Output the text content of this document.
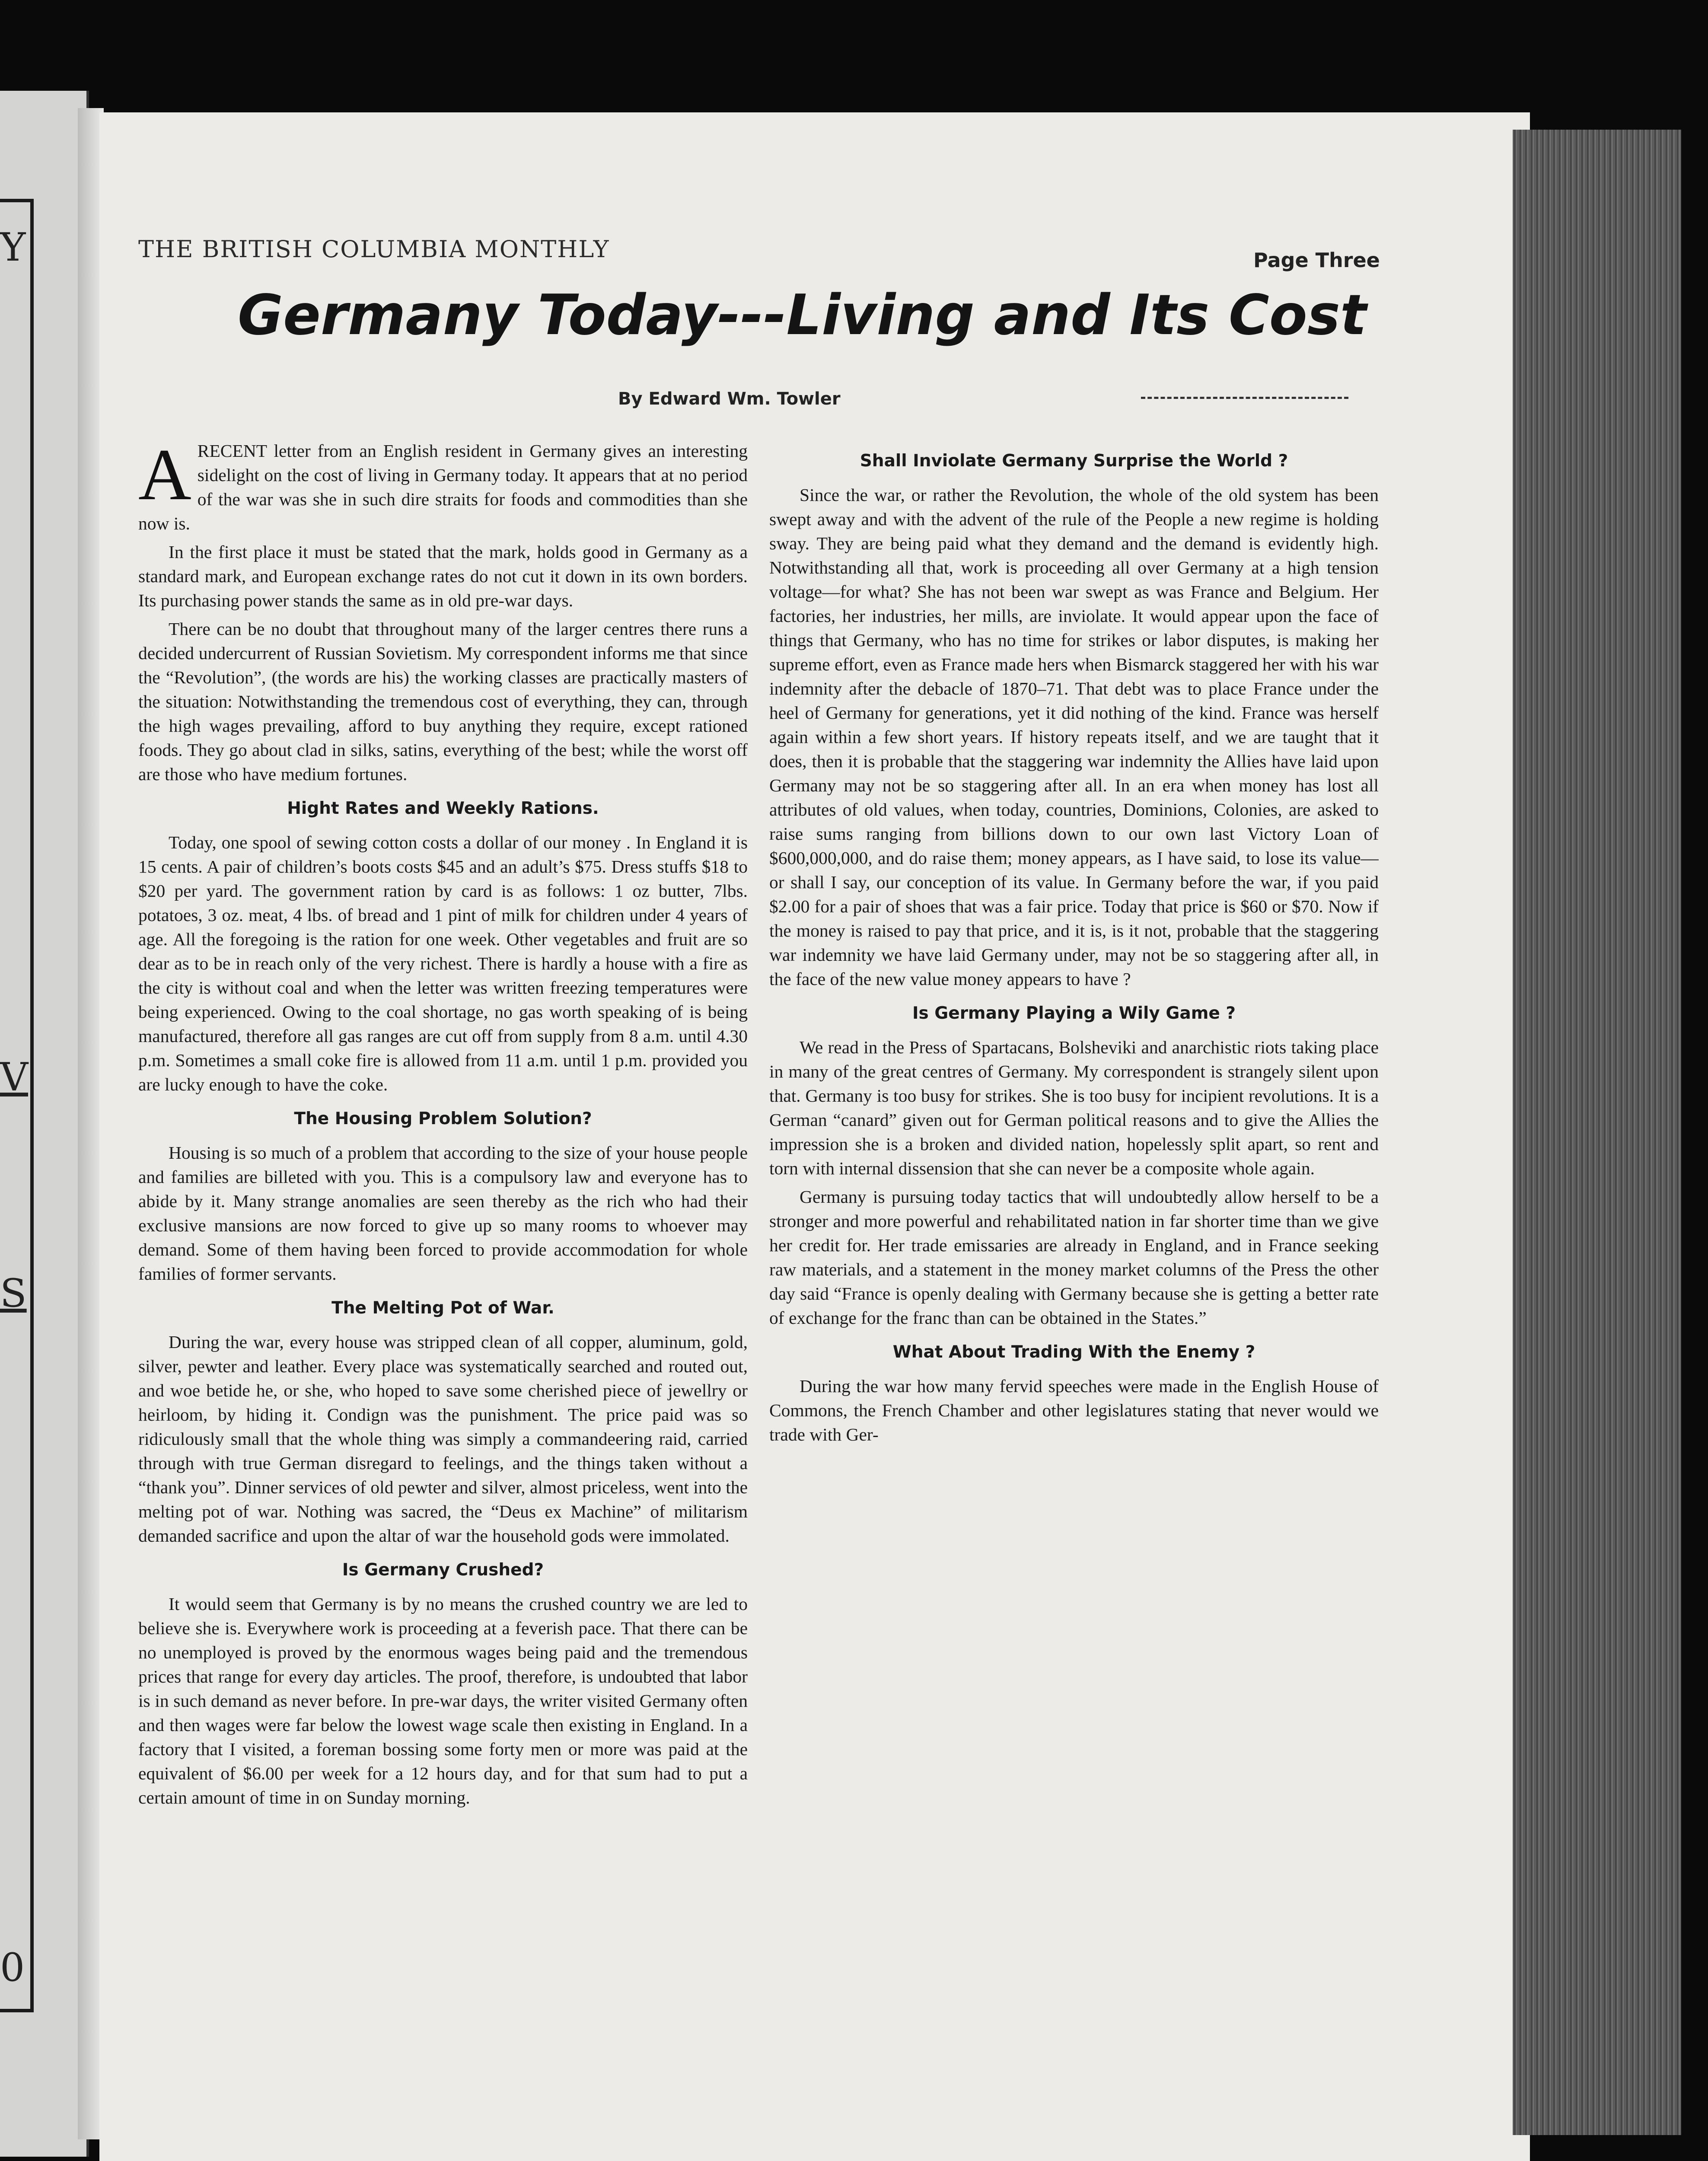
Y
V
S
0
THE BRITISH COLUMBIA MONTHLY	Page Three
Germany Today---Living and Its Cost
By Edward Wm. Towler

ARECENT letter from an English resident in Germany gives an interesting sidelight on the cost of living in Germany today. It appears that at no period of the war was she in such dire straits for foods and commodities than she now is.

In the first place it must be stated that the mark, holds good in Germany as a standard mark, and European exchange rates do not cut it down in its own borders. Its purchasing power stands the same as in old pre-war days.

There can be no doubt that throughout many of the larger centres there runs a decided undercurrent of Russian Sovietism. My correspondent informs me that since the “Revolution”, (the words are his) the working classes are practically masters of the situation: Notwithstanding the tremendous cost of everything, they can, through the high wages prevailing, afford to buy anything they require, except rationed foods. They go about clad in silks, satins, everything of the best; while the worst off are those who have medium fortunes.

Hight Rates and Weekly Rations.

Today, one spool of sewing cotton costs a dollar of our money . In England it is 15 cents. A pair of children’s boots costs $45 and an adult’s $75. Dress stuffs $18 to $20 per yard. The government ration by card is as follows: 1 oz butter, 7lbs. potatoes, 3 oz. meat, 4 lbs. of bread and 1 pint of milk for children under 4 years of age. All the foregoing is the ration for one week. Other vegetables and fruit are so dear as to be in reach only of the very richest. There is hardly a house with a fire as the city is without coal and when the letter was written freezing temperatures were being experienced. Owing to the coal shortage, no gas worth speaking of is being manufactured, therefore all gas ranges are cut off from supply from 8 a.m. until 4.30 p.m. Sometimes a small coke fire is allowed from 11 a.m. until 1 p.m. provided you are lucky enough to have the coke.

The Housing Problem Solution?

Housing is so much of a problem that according to the size of your house people and families are billeted with you. This is a compulsory law and everyone has to abide by it. Many strange anomalies are seen thereby as the rich who had their exclusive mansions are now forced to give up so many rooms to whoever may demand. Some of them having been forced to provide accommodation for whole families of former servants.

The Melting Pot of War.

During the war, every house was stripped clean of all copper, aluminum, gold, silver, pewter and leather. Every place was systematically searched and routed out, and woe betide he, or she, who hoped to save some cherished piece of jewellry or heirloom, by hiding it. Condign was the punishment. The price paid was so ridiculously small that the whole thing was simply a commandeering raid, carried through with true German disregard to feelings, and the things taken without a “thank you”. Dinner services of old pewter and silver, almost priceless, went into the melting pot of war. Nothing was sacred, the “Deus ex Machine” of militarism demanded sacrifice and upon the altar of war the household gods were immolated.

Is Germany Crushed?

It would seem that Germany is by no means the crushed country we are led to believe she is. Everywhere work is proceeding at a feverish pace. That there can be no unemployed is proved by the enormous wages being paid and the tremendous prices that range for every day articles. The proof, therefore, is undoubted that labor is in such demand as never before. In pre-war days, the writer visited Germany often and then wages were far below the lowest wage scale then existing in England. In a factory that I visited, a foreman bossing some forty men or more was paid at the equivalent of $6.00 per week for a 12 hours day, and for that sum had to put a certain amount of time in on Sunday morning.

Shall Inviolate Germany Surprise the World ?

Since the war, or rather the Revolution, the whole of the old system has been swept away and with the advent of the rule of the People a new regime is holding sway. They are being paid what they demand and the demand is evidently high. Notwithstanding all that, work is proceeding all over Germany at a high tension voltage—for what? She has not been war swept as was France and Belgium. Her factories, her industries, her mills, are inviolate. It would appear upon the face of things that Germany, who has no time for strikes or labor disputes, is making her supreme effort, even as France made hers when Bismarck staggered her with his war indemnity after the debacle of 1870–71. That debt was to place France under the heel of Germany for generations, yet it did nothing of the kind. France was herself again within a few short years. If history repeats itself, and we are taught that it does, then it is probable that the staggering war indemnity the Allies have laid upon Germany may not be so staggering after all. In an era when money has lost all attributes of old values, when today, countries, Dominions, Colonies, are asked to raise sums ranging from billions down to our own last Victory Loan of $600,000,000, and do raise them; money appears, as I have said, to lose its value—or shall I say, our conception of its value. In Germany before the war, if you paid $2.00 for a pair of shoes that was a fair price. Today that price is $60 or $70. Now if the money is raised to pay that price, and it is, is it not, probable that the staggering war indemnity we have laid Germany under, may not be so staggering after all, in the face of the new value money appears to have ?

Is Germany Playing a Wily Game ?

We read in the Press of Spartacans, Bolsheviki and anarchistic riots taking place in many of the great centres of Germany. My correspondent is strangely silent upon that. Germany is too busy for strikes. She is too busy for incipient revolutions. It is a German “canard” given out for German political reasons and to give the Allies the impression she is a broken and divided nation, hopelessly split apart, so rent and torn with internal dissension that she can never be a composite whole again.

Germany is pursuing today tactics that will undoubtedly allow herself to be a stronger and more powerful and rehabilitated nation in far shorter time than we give her credit for. Her trade emissaries are already in England, and in France seeking raw materials, and a statement in the money market columns of the Press the other day said “France is openly dealing with Germany because she is getting a better rate of exchange for the franc than can be obtained in the States.”

What About Trading With the Enemy ?

During the war how many fervid speeches were made in the English House of Commons, the French Chamber and other legislatures stating that never would we trade with Ger-
